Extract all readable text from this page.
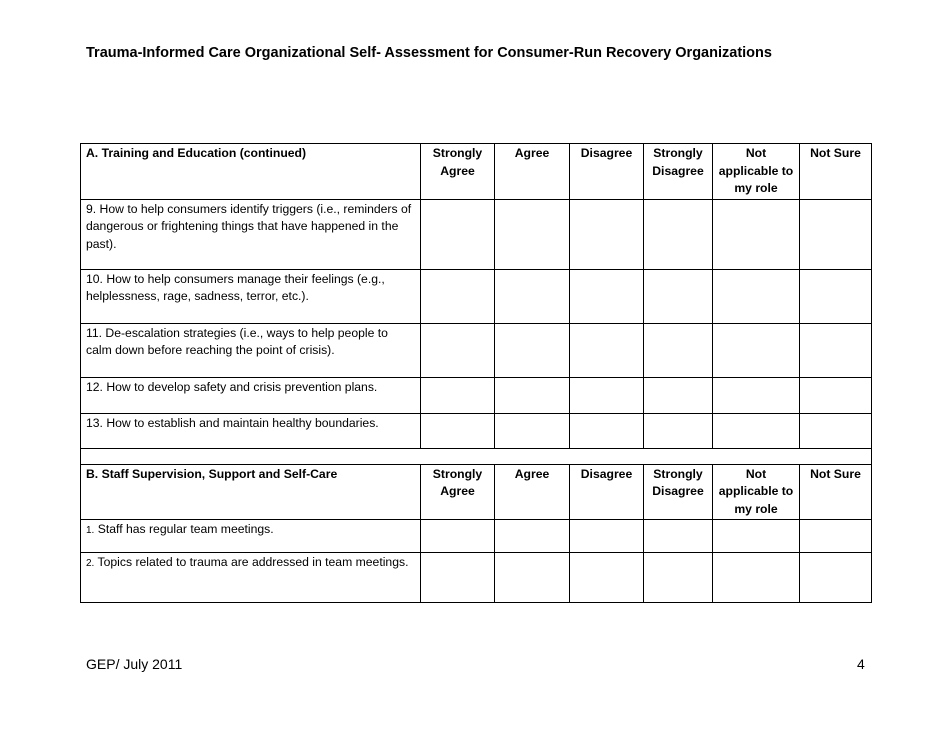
Trauma-Informed Care Organizational Self- Assessment for Consumer-Run Recovery Organizations
A. Training and Education (continued)	Strongly Agree	Agree	Disagree	Strongly Disagree	Not applicable to my role	Not Sure
9. How to help consumers identify triggers (i.e., reminders of dangerous or frightening things that have happened in the past).						
10. How to help consumers manage their feelings (e.g., helplessness, rage, sadness, terror, etc.).						
11. De-escalation strategies (i.e., ways to help people to calm down before reaching the point of crisis).						
12. How to develop safety and crisis prevention plans.						
13. How to establish and maintain healthy boundaries.						

B. Staff Supervision, Support and Self-Care	Strongly Agree	Agree	Disagree	Strongly Disagree	Not applicable to my role	Not Sure
1. Staff has regular team meetings.						
2. Topics related to trauma are addressed in team meetings.						
GEP/ July 2011	4
